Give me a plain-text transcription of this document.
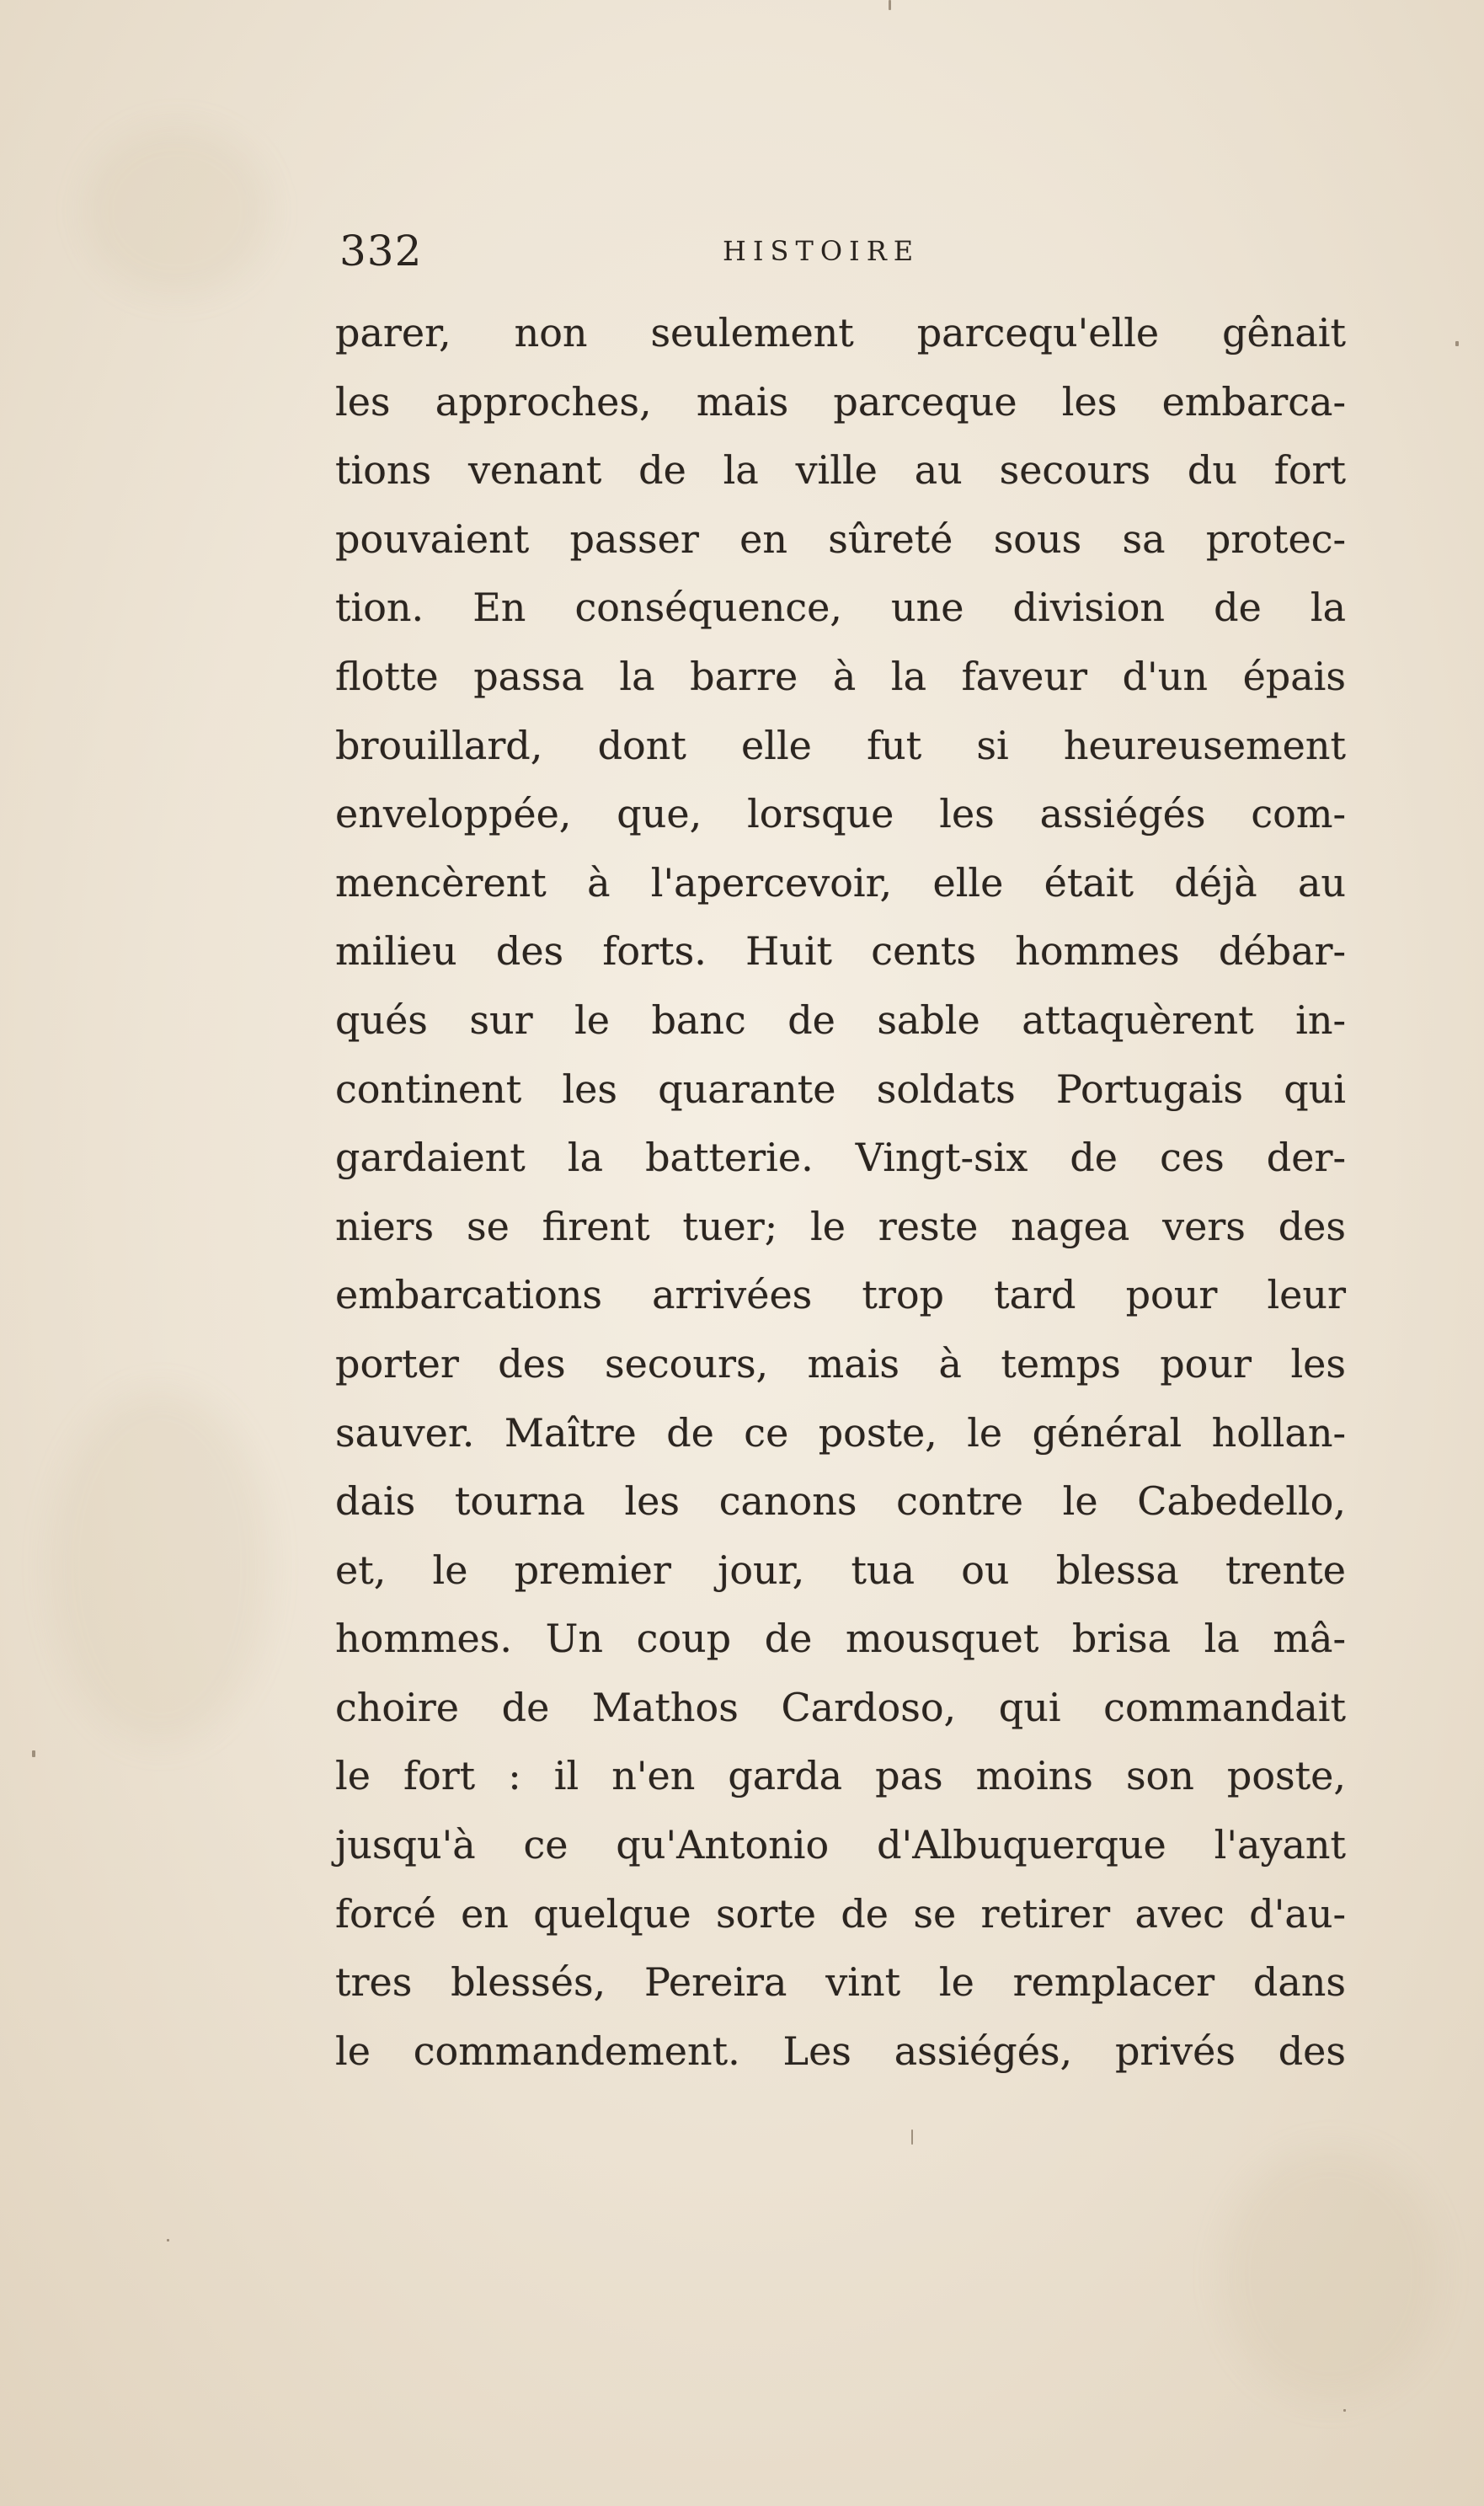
332	HISTOIRE
parer, non seulement parcequ'elle gênait
les approches, mais parceque les embarca-
tions venant de la ville au secours du fort
pouvaient passer en sûreté sous sa protec-
tion. En conséquence, une division de la
flotte passa la barre à la faveur d'un épais
brouillard, dont elle fut si heureusement
enveloppée, que, lorsque les assiégés com-
mencèrent à l'apercevoir, elle était déjà au
milieu des forts. Huit cents hommes débar-
qués sur le banc de sable attaquèrent in-
continent les quarante soldats Portugais qui
gardaient la batterie. Vingt-six de ces der-
niers se firent tuer; le reste nagea vers des
embarcations arrivées trop tard pour leur
porter des secours, mais à temps pour les
sauver. Maître de ce poste, le général hollan-
dais tourna les canons contre le Cabedello,
et, le premier jour, tua ou blessa trente
hommes. Un coup de mousquet brisa la mâ-
choire de Mathos Cardoso, qui commandait
le fort : il n'en garda pas moins son poste,
jusqu'à ce qu'Antonio d'Albuquerque l'ayant
forcé en quelque sorte de se retirer avec d'au-
tres blessés, Pereira vint le remplacer dans
le commandement. Les assiégés, privés des
